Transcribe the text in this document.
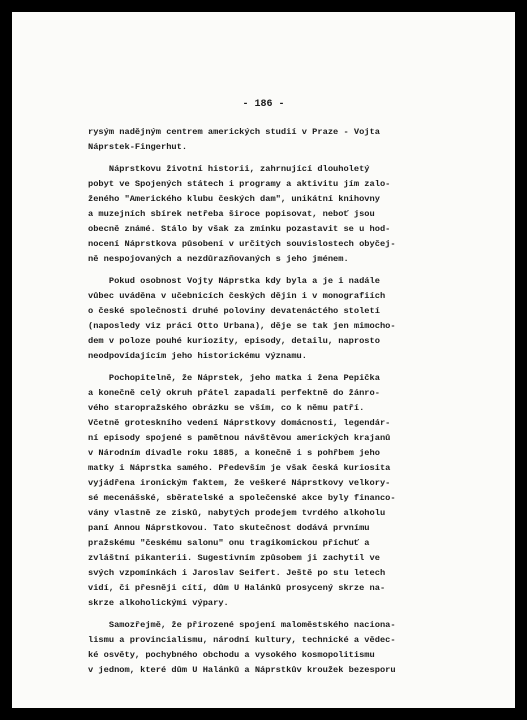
- 186 -
rysým nadějným centrem amerických studií v Praze - Vojta
Náprstek-Fingerhut.
Náprstkovu životní historii, zahrnující dlouholetý
pobyt ve Spojených státech i programy a aktivitu jím zalo-
ženého "Amerického klubu českých dam", unikátní knihovny
a muzejních sbírek netřeba široce popisovat, neboť jsou
obecně známé. Stálo by však za zmínku pozastavit se u hod-
nocení Náprstkova působení v určitých souvislostech obyčej-
ně nespojovaných a nezdůrazňovaných s jeho jménem.
Pokud osobnost Vojty Náprstka kdy byla a je i nadále
vůbec uváděna v učebnicích českých dějin i v monografiích
o české společnosti druhé poloviny devatenáctého století
(naposledy viz práci Otto Urbana), děje se tak jen mimocho-
dem v poloze pouhé kuriozity, episody, detailu, naprosto
neodpovídajícím jeho historickému významu.
Pochopitelně, že Náprstek, jeho matka i žena Pepička
a konečně celý okruh přátel zapadali perfektně do žánro-
vého staropražského obrázku se vším, co k němu patří.
Včetně groteskního vedení Náprstkovy domácnosti, legendár-
ní episody spojené s pamětnou návštěvou amerických krajanů
v Národním divadle roku 1885, a konečně i s pohřbem jeho
matky i Náprstka samého. Především je však česká kuriosita
vyjádřena ironickým faktem, že veškeré Náprstkovy velkory-
sé mecenášské, sběratelské a společenské akce byly financo-
vány vlastně ze zisků, nabytých prodejem tvrdého alkoholu
paní Annou Náprstkovou. Tato skutečnost dodává prvnímu
pražskému "českému salonu" onu tragikomickou příchuť a
zvláštní pikanterii. Sugestivním způsobem ji zachytil ve
svých vzpomínkách i Jaroslav Seifert. Ještě po stu letech
vidí, či přesněji cítí, dům U Halánků prosycený skrze na-
skrze alkoholickými výpary.
Samozřejmě, že přirozené spojení maloměstského naciona-
lismu a provincialismu, národní kultury, technické a vědec-
ké osvěty, pochybného obchodu a vysokého kosmopolitismu
v jednom, které dům U Halánků a Náprstkův kroužek bezesporu
